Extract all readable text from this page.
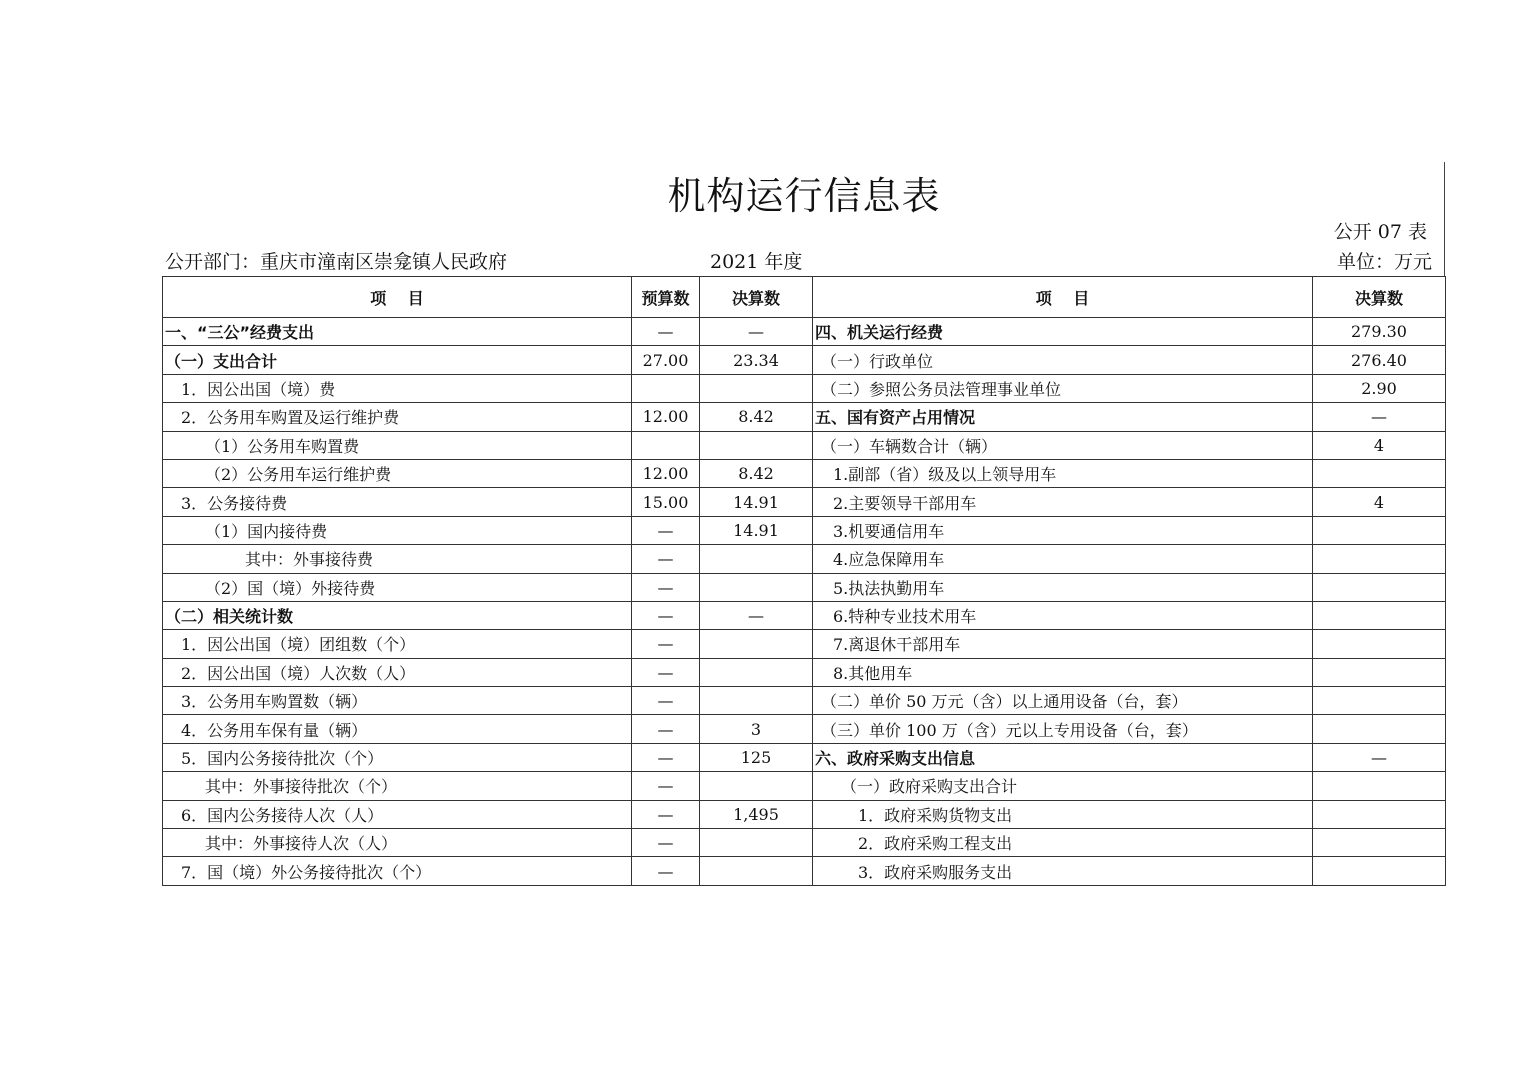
机构运行信息表
公开 07 表
公开部门：重庆市潼南区崇龛镇人民政府	2021 年度	单位：万元
项　 目	预算数	决算数	项　 目	决算数
一、“三公”经费支出	—	—	四、机关运行经费	279.30
（一）支出合计	27.00	23.34	（一）行政单位	276.40
1．因公出国（境）费			（二）参照公务员法管理事业单位	2.90
2．公务用车购置及运行维护费	12.00	8.42	五、国有资产占用情况	—
（1）公务用车购置费			（一）车辆数合计（辆）	4
（2）公务用车运行维护费	12.00	8.42	1.副部（省）级及以上领导用车	
3．公务接待费	15.00	14.91	2.主要领导干部用车	4
（1）国内接待费	—	14.91	3.机要通信用车	
其中：外事接待费	—		4.应急保障用车	
（2）国（境）外接待费	—		5.执法执勤用车	
（二）相关统计数	—	—	6.特种专业技术用车	
1．因公出国（境）团组数（个）	—		7.离退休干部用车	
2．因公出国（境）人次数（人）	—		8.其他用车	
3．公务用车购置数（辆）	—		（二）单价 50 万元（含）以上通用设备（台，套）	
4．公务用车保有量（辆）	—	3	（三）单价 100 万（含）元以上专用设备（台，套）	
5．国内公务接待批次（个）	—	125	六、政府采购支出信息	—
其中：外事接待批次（个）	—		（一）政府采购支出合计	
6．国内公务接待人次（人）	—	1,495	1．政府采购货物支出	
其中：外事接待人次（人）	—		2．政府采购工程支出	
7．国（境）外公务接待批次（个）	—		3．政府采购服务支出	
